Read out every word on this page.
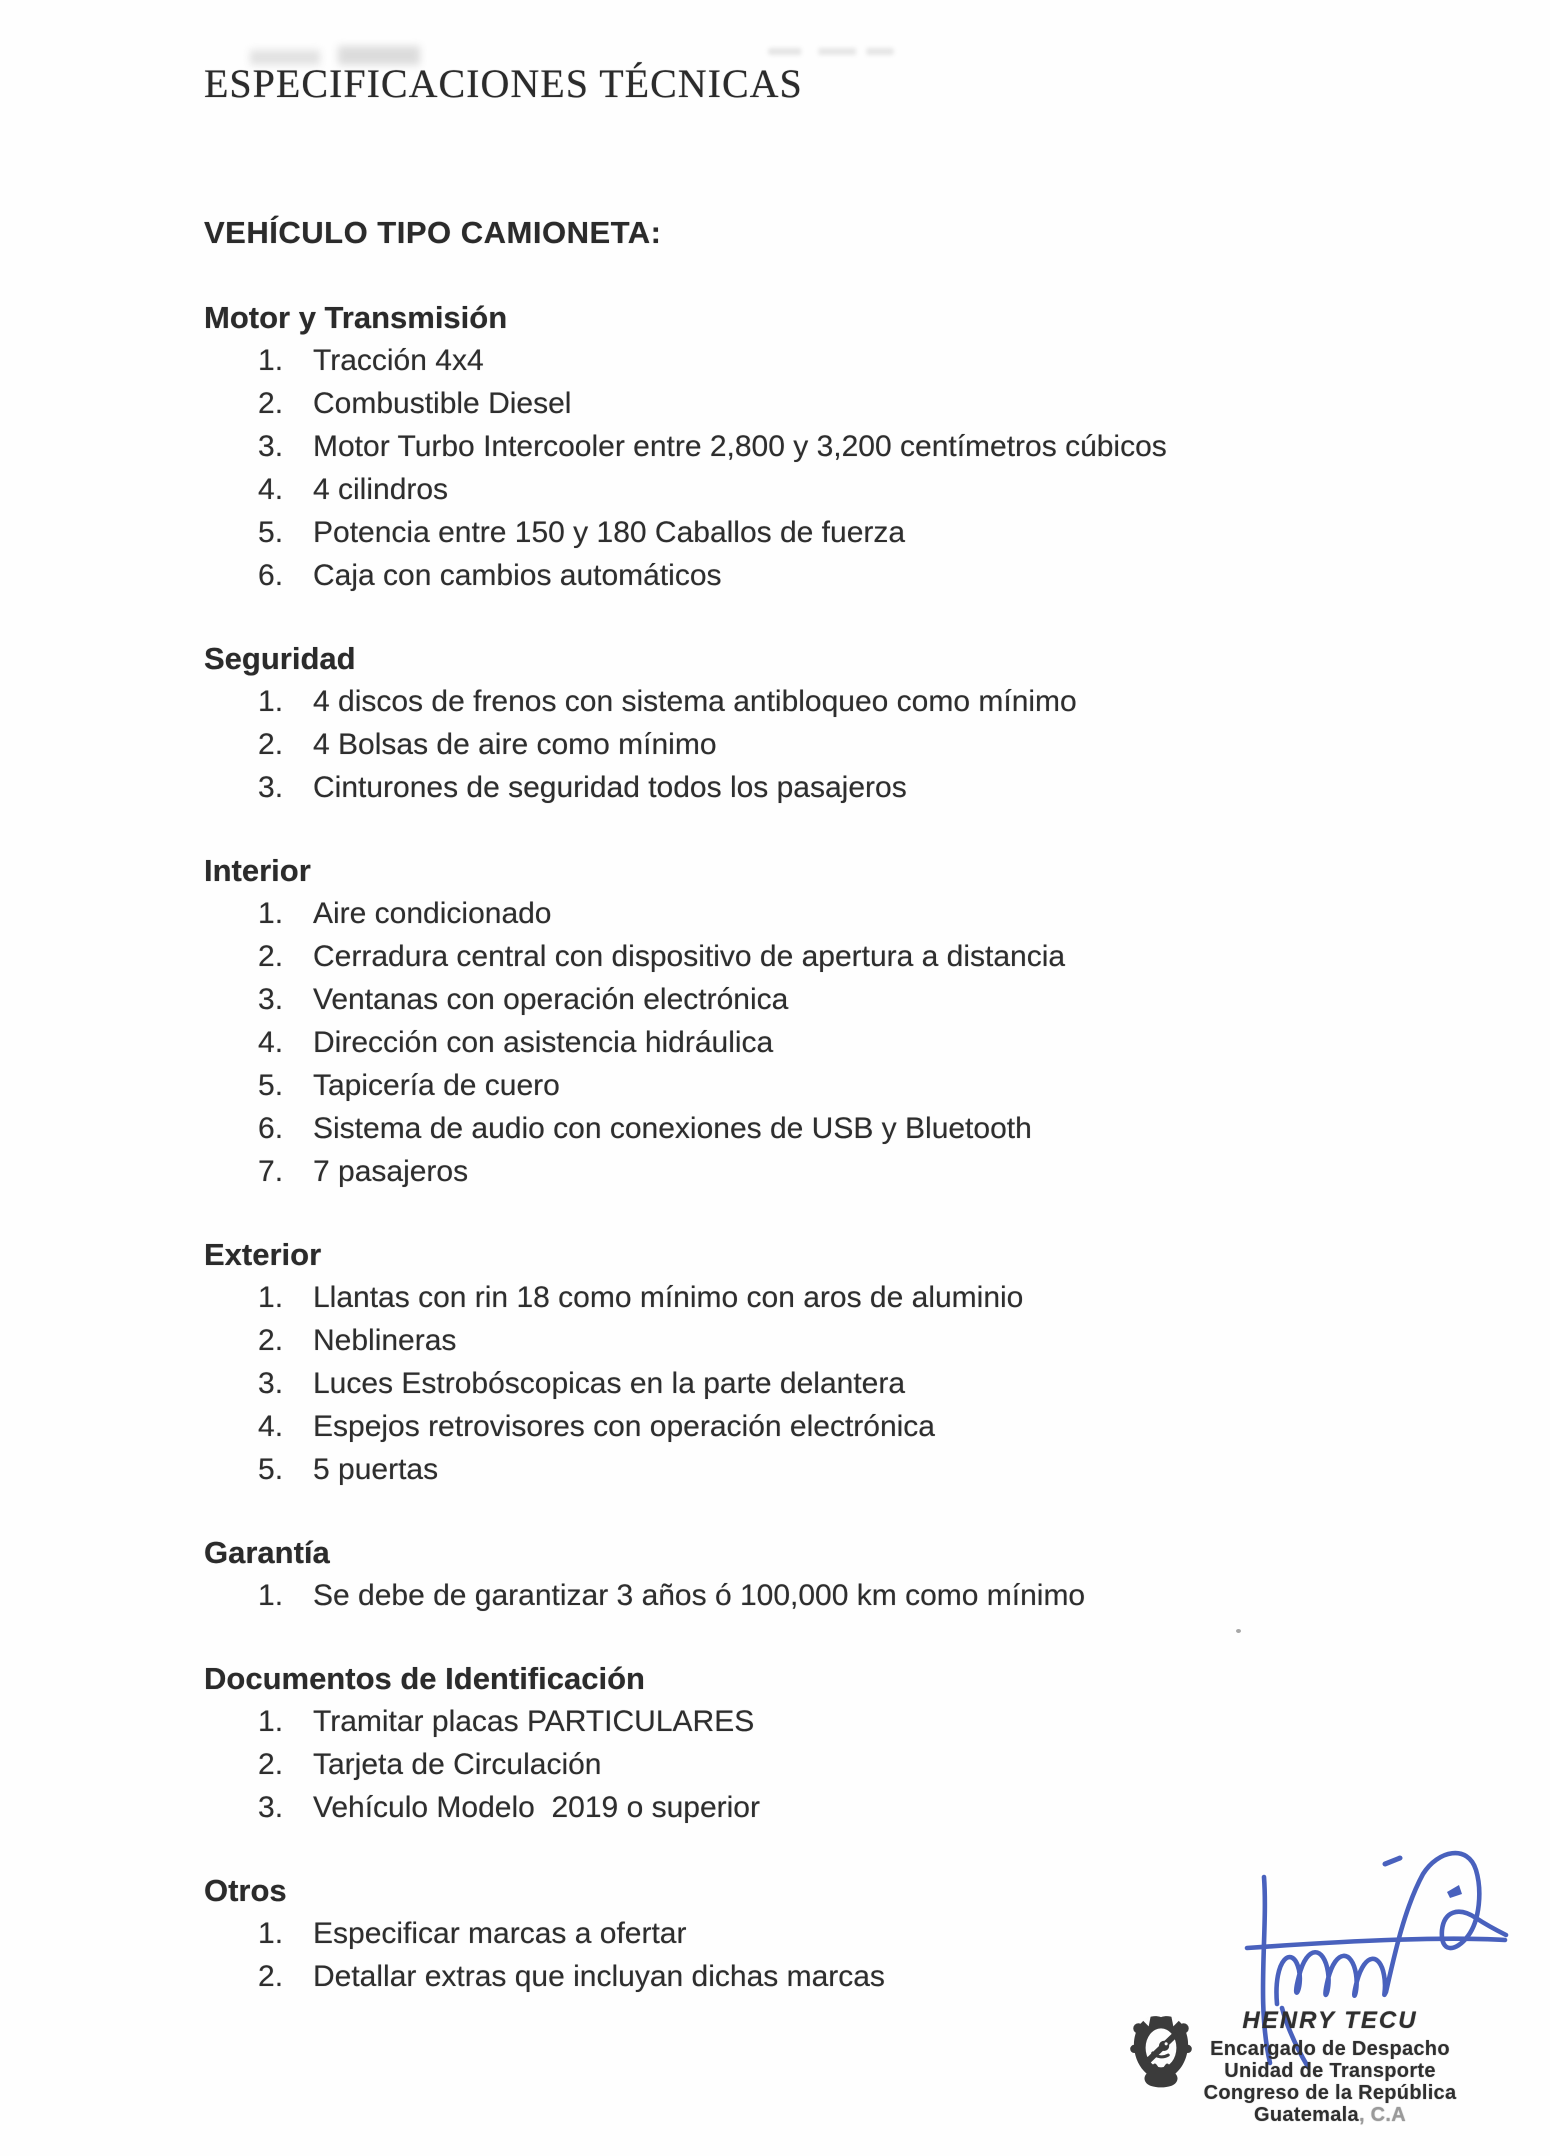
ESPECIFICACIONES TÉCNICAS
VEHÍCULO TIPO CAMIONETA:
Motor y Transmisión
Tracción 4x4
Combustible Diesel
Motor Turbo Intercooler entre 2,800 y 3,200 centímetros cúbicos
4 cilindros
Potencia entre 150 y 180 Caballos de fuerza
Caja con cambios automáticos
Seguridad
4 discos de frenos con sistema antibloqueo como mínimo
4 Bolsas de aire como mínimo
Cinturones de seguridad todos los pasajeros
Interior
Aire condicionado
Cerradura central con dispositivo de apertura a distancia
Ventanas con operación electrónica
Dirección con asistencia hidráulica
Tapicería de cuero
Sistema de audio con conexiones de USB y Bluetooth
7 pasajeros
Exterior
Llantas con rin 18 como mínimo con aros de aluminio
Neblineras
Luces Estrobóscopicas en la parte delantera
Espejos retrovisores con operación electrónica
5 puertas
Garantía
Se debe de garantizar 3 años ó 100,000 km como mínimo
Documentos de Identificación
Tramitar placas PARTICULARES
Tarjeta de Circulación
Vehículo Modelo  2019 o superior
Otros
Especificar marcas a ofertar
Detallar extras que incluyan dichas marcas
HENRY TECU
Encargado de Despacho
Unidad de Transporte
Congreso de la República
Guatemala, C.A
